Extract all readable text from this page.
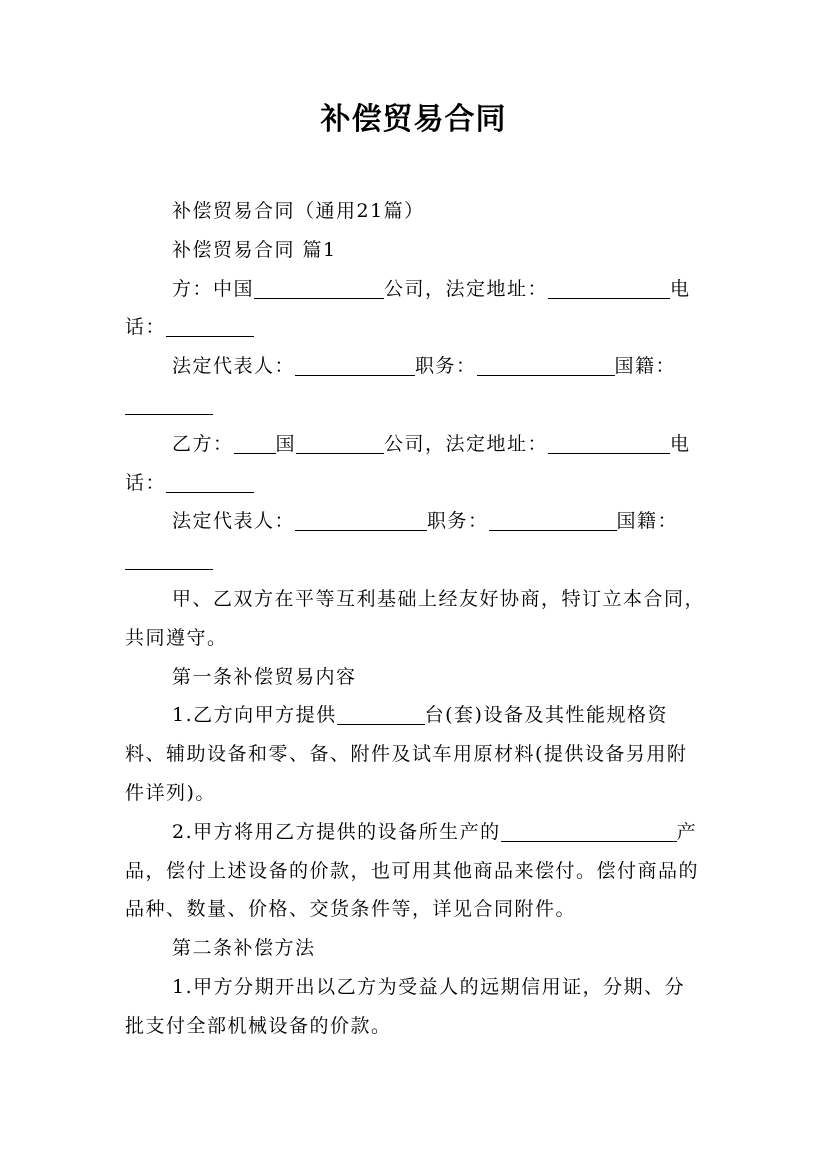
补偿贸易合同

补偿贸易合同（通用21篇）

补偿贸易合同 篇1

方：中国	公司，法定地址：	电话：

法定代表人：	职务：	国籍：

乙方： 国	公司，法定地址：	电话：

法定代表人：	职务：	国籍：

甲、乙双方在平等互利基础上经友好协商，特订立本合同，共同遵守。

第一条补偿贸易内容

1.乙方向甲方提供	台(套)设备及其性能规格资料、辅助设备和零、备、附件及试车用原材料(提供设备另用附件详列)。

2.甲方将用乙方提供的设备所生产的	产品，偿付上述设备的价款，也可用其他商品来偿付。偿付商品的品种、数量、价格、交货条件等，详见合同附件。

第二条补偿方法

1.甲方分期开出以乙方为受益人的远期信用证，分期、分批支付全部机械设备的价款。
